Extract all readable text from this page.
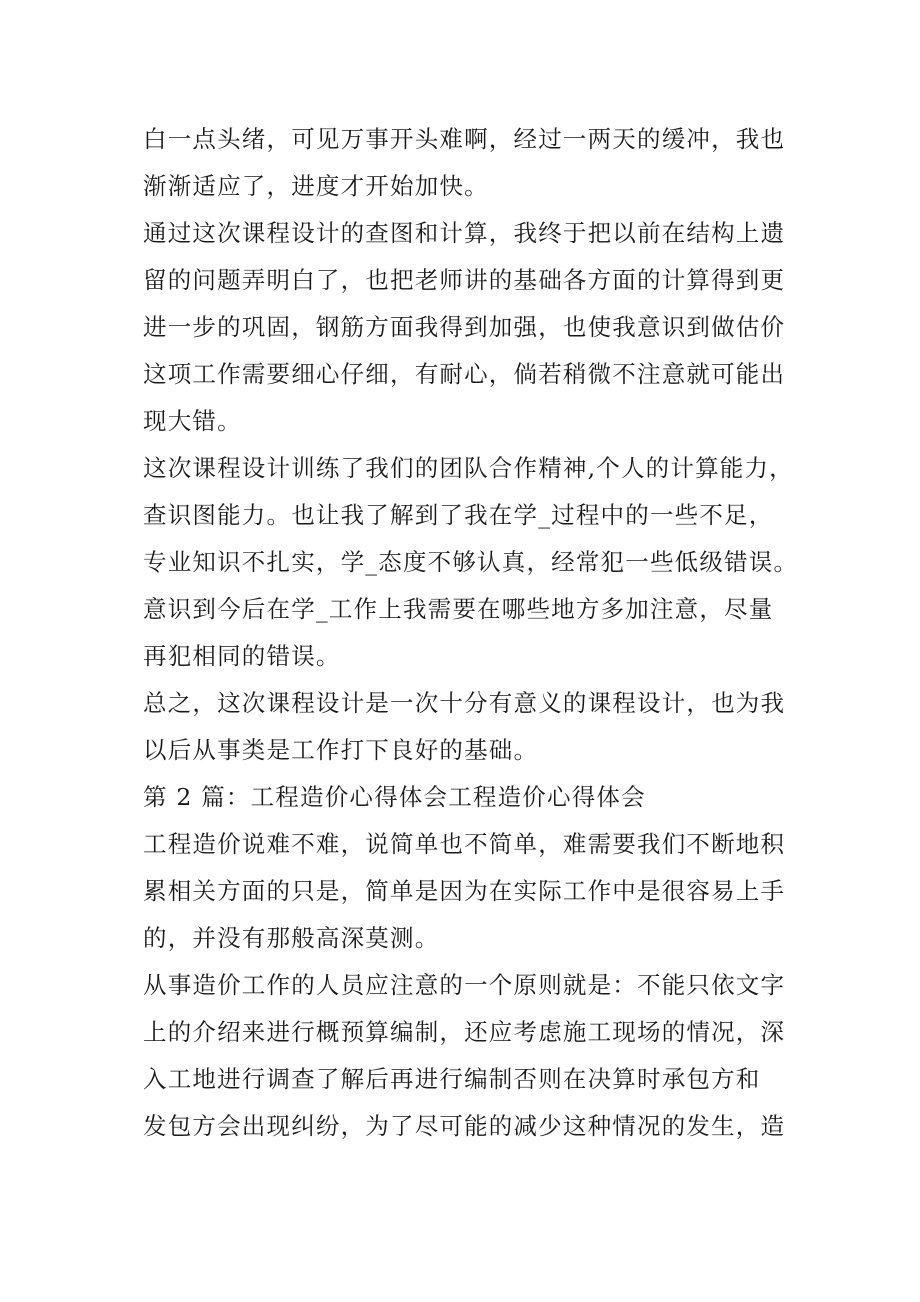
白一点头绪，可见万事开头难啊，经过一两天的缓冲，我也
渐渐适应了，进度才开始加快。
通过这次课程设计的查图和计算，我终于把以前在结构上遗
留的问题弄明白了，也把老师讲的基础各方面的计算得到更
进一步的巩固，钢筋方面我得到加强，也使我意识到做估价
这项工作需要细心仔细，有耐心，倘若稍微不注意就可能出
现大错。
这次课程设计训练了我们的团队合作精神,个人的计算能力，
查识图能力。也让我了解到了我在学_过程中的一些不足，
专业知识不扎实，学_态度不够认真，经常犯一些低级错误。
意识到今后在学_工作上我需要在哪些地方多加注意，尽量
再犯相同的错误。
总之，这次课程设计是一次十分有意义的课程设计，也为我
以后从事类是工作打下良好的基础。
第 2 篇：工程造价心得体会工程造价心得体会
工程造价说难不难，说简单也不简单，难需要我们不断地积
累相关方面的只是，简单是因为在实际工作中是很容易上手
的，并没有那般高深莫测。
从事造价工作的人员应注意的一个原则就是：不能只依文字
上的介绍来进行概预算编制，还应考虑施工现场的情况，深
入工地进行调查了解后再进行编制否则在决算时承包方和
发包方会出现纠纷，为了尽可能的减少这种情况的发生，造
